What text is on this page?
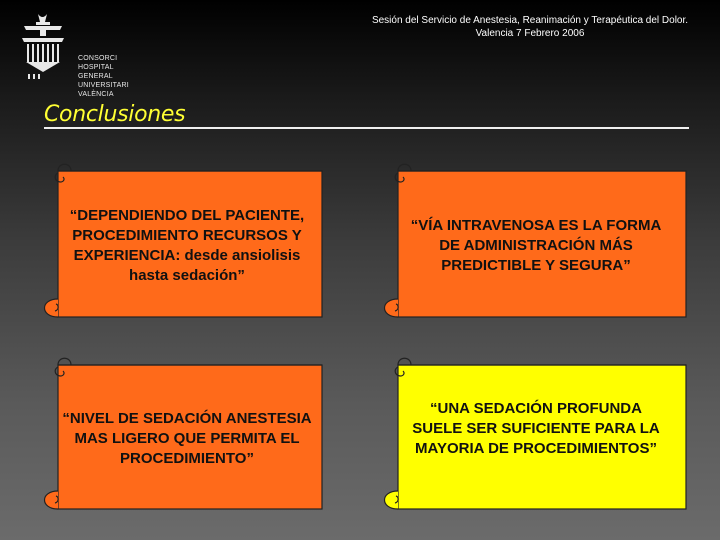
CONSORCI
HOSPITAL GENERAL
UNIVERSITARI
VALÈNCIA
Sesión del Servicio de Anestesia, Reanimación y Terapéutica del Dolor.
Valencia 7 Febrero 2006
Conclusiones
“DEPENDIENDO DEL PACIENTE, PROCEDIMIENTO RECURSOS Y EXPERIENCIA: desde ansiolisis hasta sedación”
“VÍA INTRAVENOSA ES LA FORMA DE ADMINISTRACIÓN MÁS PREDICTIBLE Y SEGURA”
“NIVEL DE SEDACIÓN ANESTESIA MAS LIGERO QUE PERMITA EL PROCEDIMIENTO”
“UNA SEDACIÓN PROFUNDA SUELE SER SUFICIENTE PARA LA MAYORIA DE PROCEDIMIENTOS”
